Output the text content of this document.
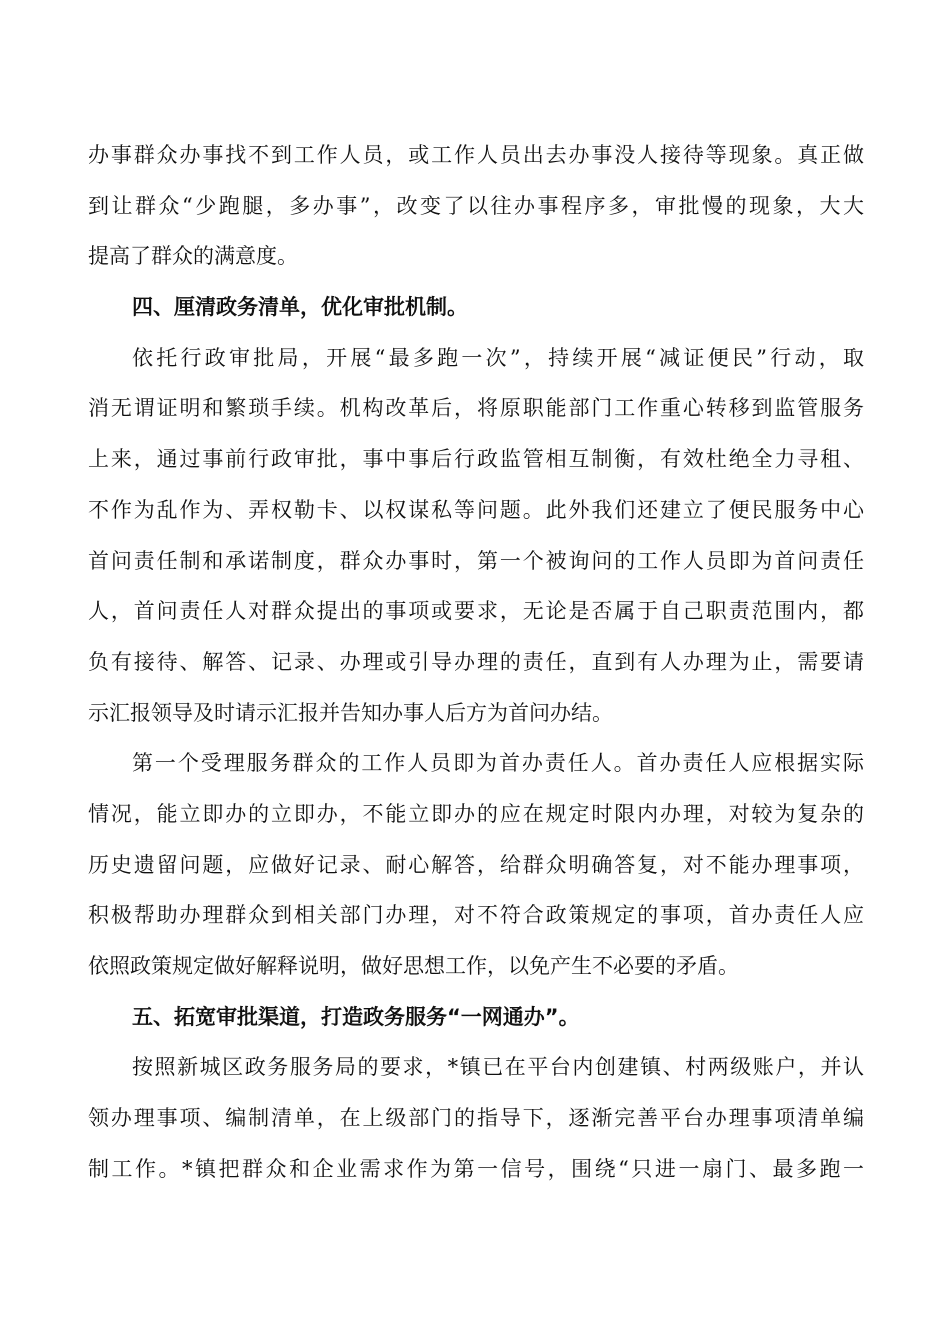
办事群众办事找不到工作人员，或工作人员出去办事没人接待等现象。真正做
到让群众“少跑腿，多办事”，改变了以往办事程序多，审批慢的现象，大大
提高了群众的满意度。
四、厘清政务清单，优化审批机制。
依托行政审批局，开展“最多跑一次”，持续开展“减证便民”行动，取
消无谓证明和繁琐手续。机构改革后，将原职能部门工作重心转移到监管服务
上来，通过事前行政审批，事中事后行政监管相互制衡，有效杜绝全力寻租、
不作为乱作为、弄权勒卡、以权谋私等问题。此外我们还建立了便民服务中心
首问责任制和承诺制度，群众办事时，第一个被询问的工作人员即为首问责任
人，首问责任人对群众提出的事项或要求，无论是否属于自己职责范围内，都
负有接待、解答、记录、办理或引导办理的责任，直到有人办理为止，需要请
示汇报领导及时请示汇报并告知办事人后方为首问办结。
第一个受理服务群众的工作人员即为首办责任人。首办责任人应根据实际
情况，能立即办的立即办，不能立即办的应在规定时限内办理，对较为复杂的
历史遗留问题，应做好记录、耐心解答，给群众明确答复，对不能办理事项，
积极帮助办理群众到相关部门办理，对不符合政策规定的事项，首办责任人应
依照政策规定做好解释说明，做好思想工作，以免产生不必要的矛盾。
五、拓宽审批渠道，打造政务服务“一网通办”。
按照新城区政务服务局的要求，*镇已在平台内创建镇、村两级账户，并认
领办理事项、编制清单，在上级部门的指导下，逐渐完善平台办理事项清单编
制工作。*镇把群众和企业需求作为第一信号，围绕“只进一扇门、最多跑一
